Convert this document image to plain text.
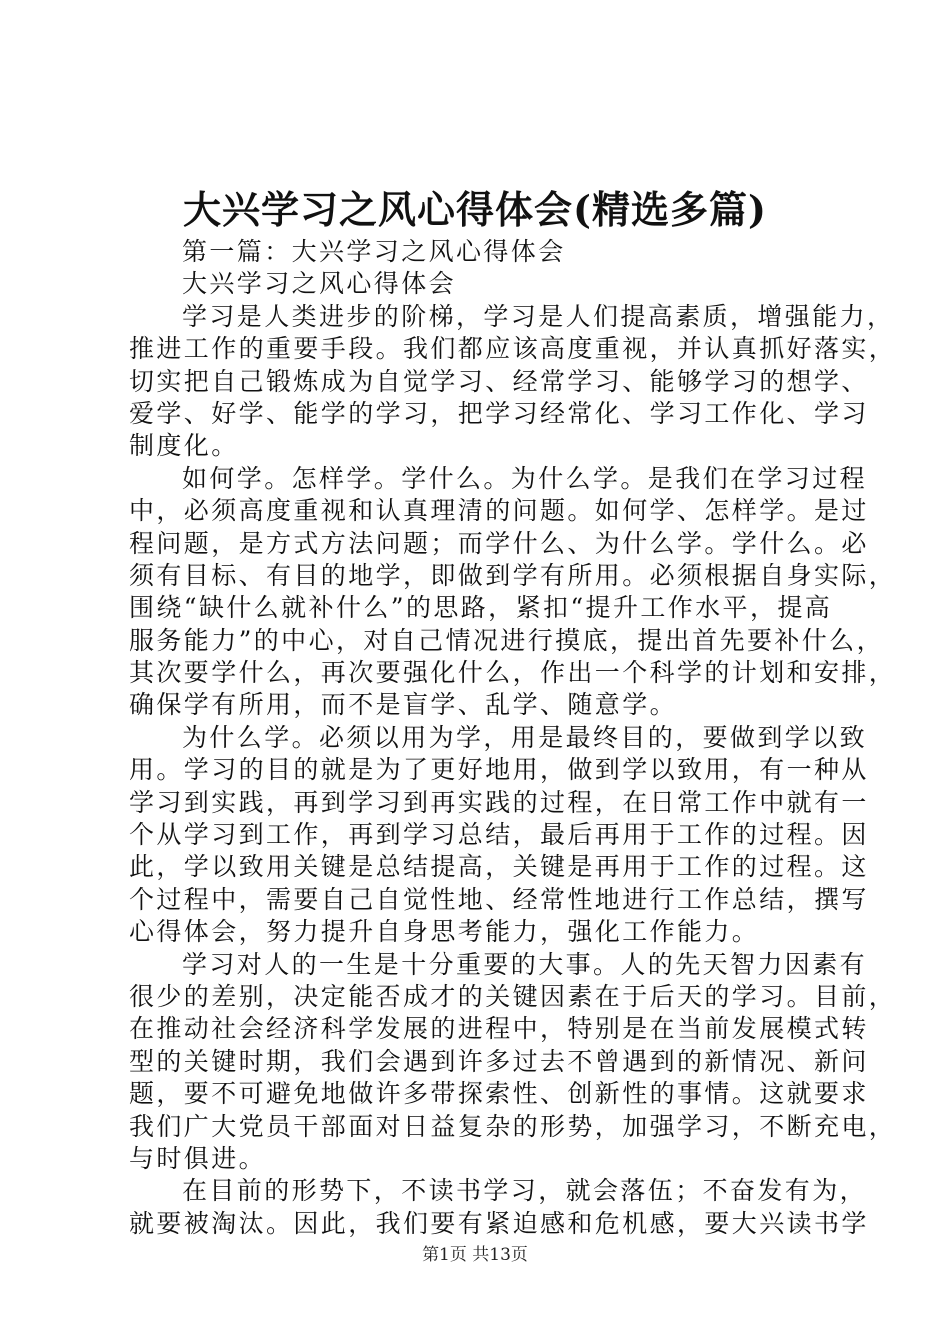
大兴学习之风心得体会(精选多篇)
第一篇：大兴学习之风心得体会
大兴学习之风心得体会
学习是人类进步的阶梯，学习是人们提高素质，增强能力，
推进工作的重要手段。我们都应该高度重视，并认真抓好落实，
切实把自己锻炼成为自觉学习、经常学习、能够学习的想学、
爱学、好学、能学的学习，把学习经常化、学习工作化、学习
制度化。
如何学。怎样学。学什么。为什么学。是我们在学习过程
中，必须高度重视和认真理清的问题。如何学、怎样学。是过
程问题，是方式方法问题；而学什么、为什么学。学什么。必
须有目标、有目的地学，即做到学有所用。必须根据自身实际，
围绕“缺什么就补什么”的思路，紧扣“提升工作水平，提高
服务能力”的中心，对自己情况进行摸底，提出首先要补什么，
其次要学什么，再次要强化什么，作出一个科学的计划和安排，
确保学有所用，而不是盲学、乱学、随意学。
为什么学。必须以用为学，用是最终目的，要做到学以致
用。学习的目的就是为了更好地用，做到学以致用，有一种从
学习到实践，再到学习到再实践的过程，在日常工作中就有一
个从学习到工作，再到学习总结，最后再用于工作的过程。因
此，学以致用关键是总结提高，关键是再用于工作的过程。这
个过程中，需要自己自觉性地、经常性地进行工作总结，撰写
心得体会，努力提升自身思考能力，强化工作能力。
学习对人的一生是十分重要的大事。人的先天智力因素有
很少的差别，决定能否成才的关键因素在于后天的学习。目前，
在推动社会经济科学发展的进程中，特别是在当前发展模式转
型的关键时期，我们会遇到许多过去不曾遇到的新情况、新问
题，要不可避免地做许多带探索性、创新性的事情。这就要求
我们广大党员干部面对日益复杂的形势，加强学习，不断充电，
与时俱进。
在目前的形势下，不读书学习，就会落伍；不奋发有为，
就要被淘汰。因此，我们要有紧迫感和危机感，要大兴读书学
第1页 共13页
